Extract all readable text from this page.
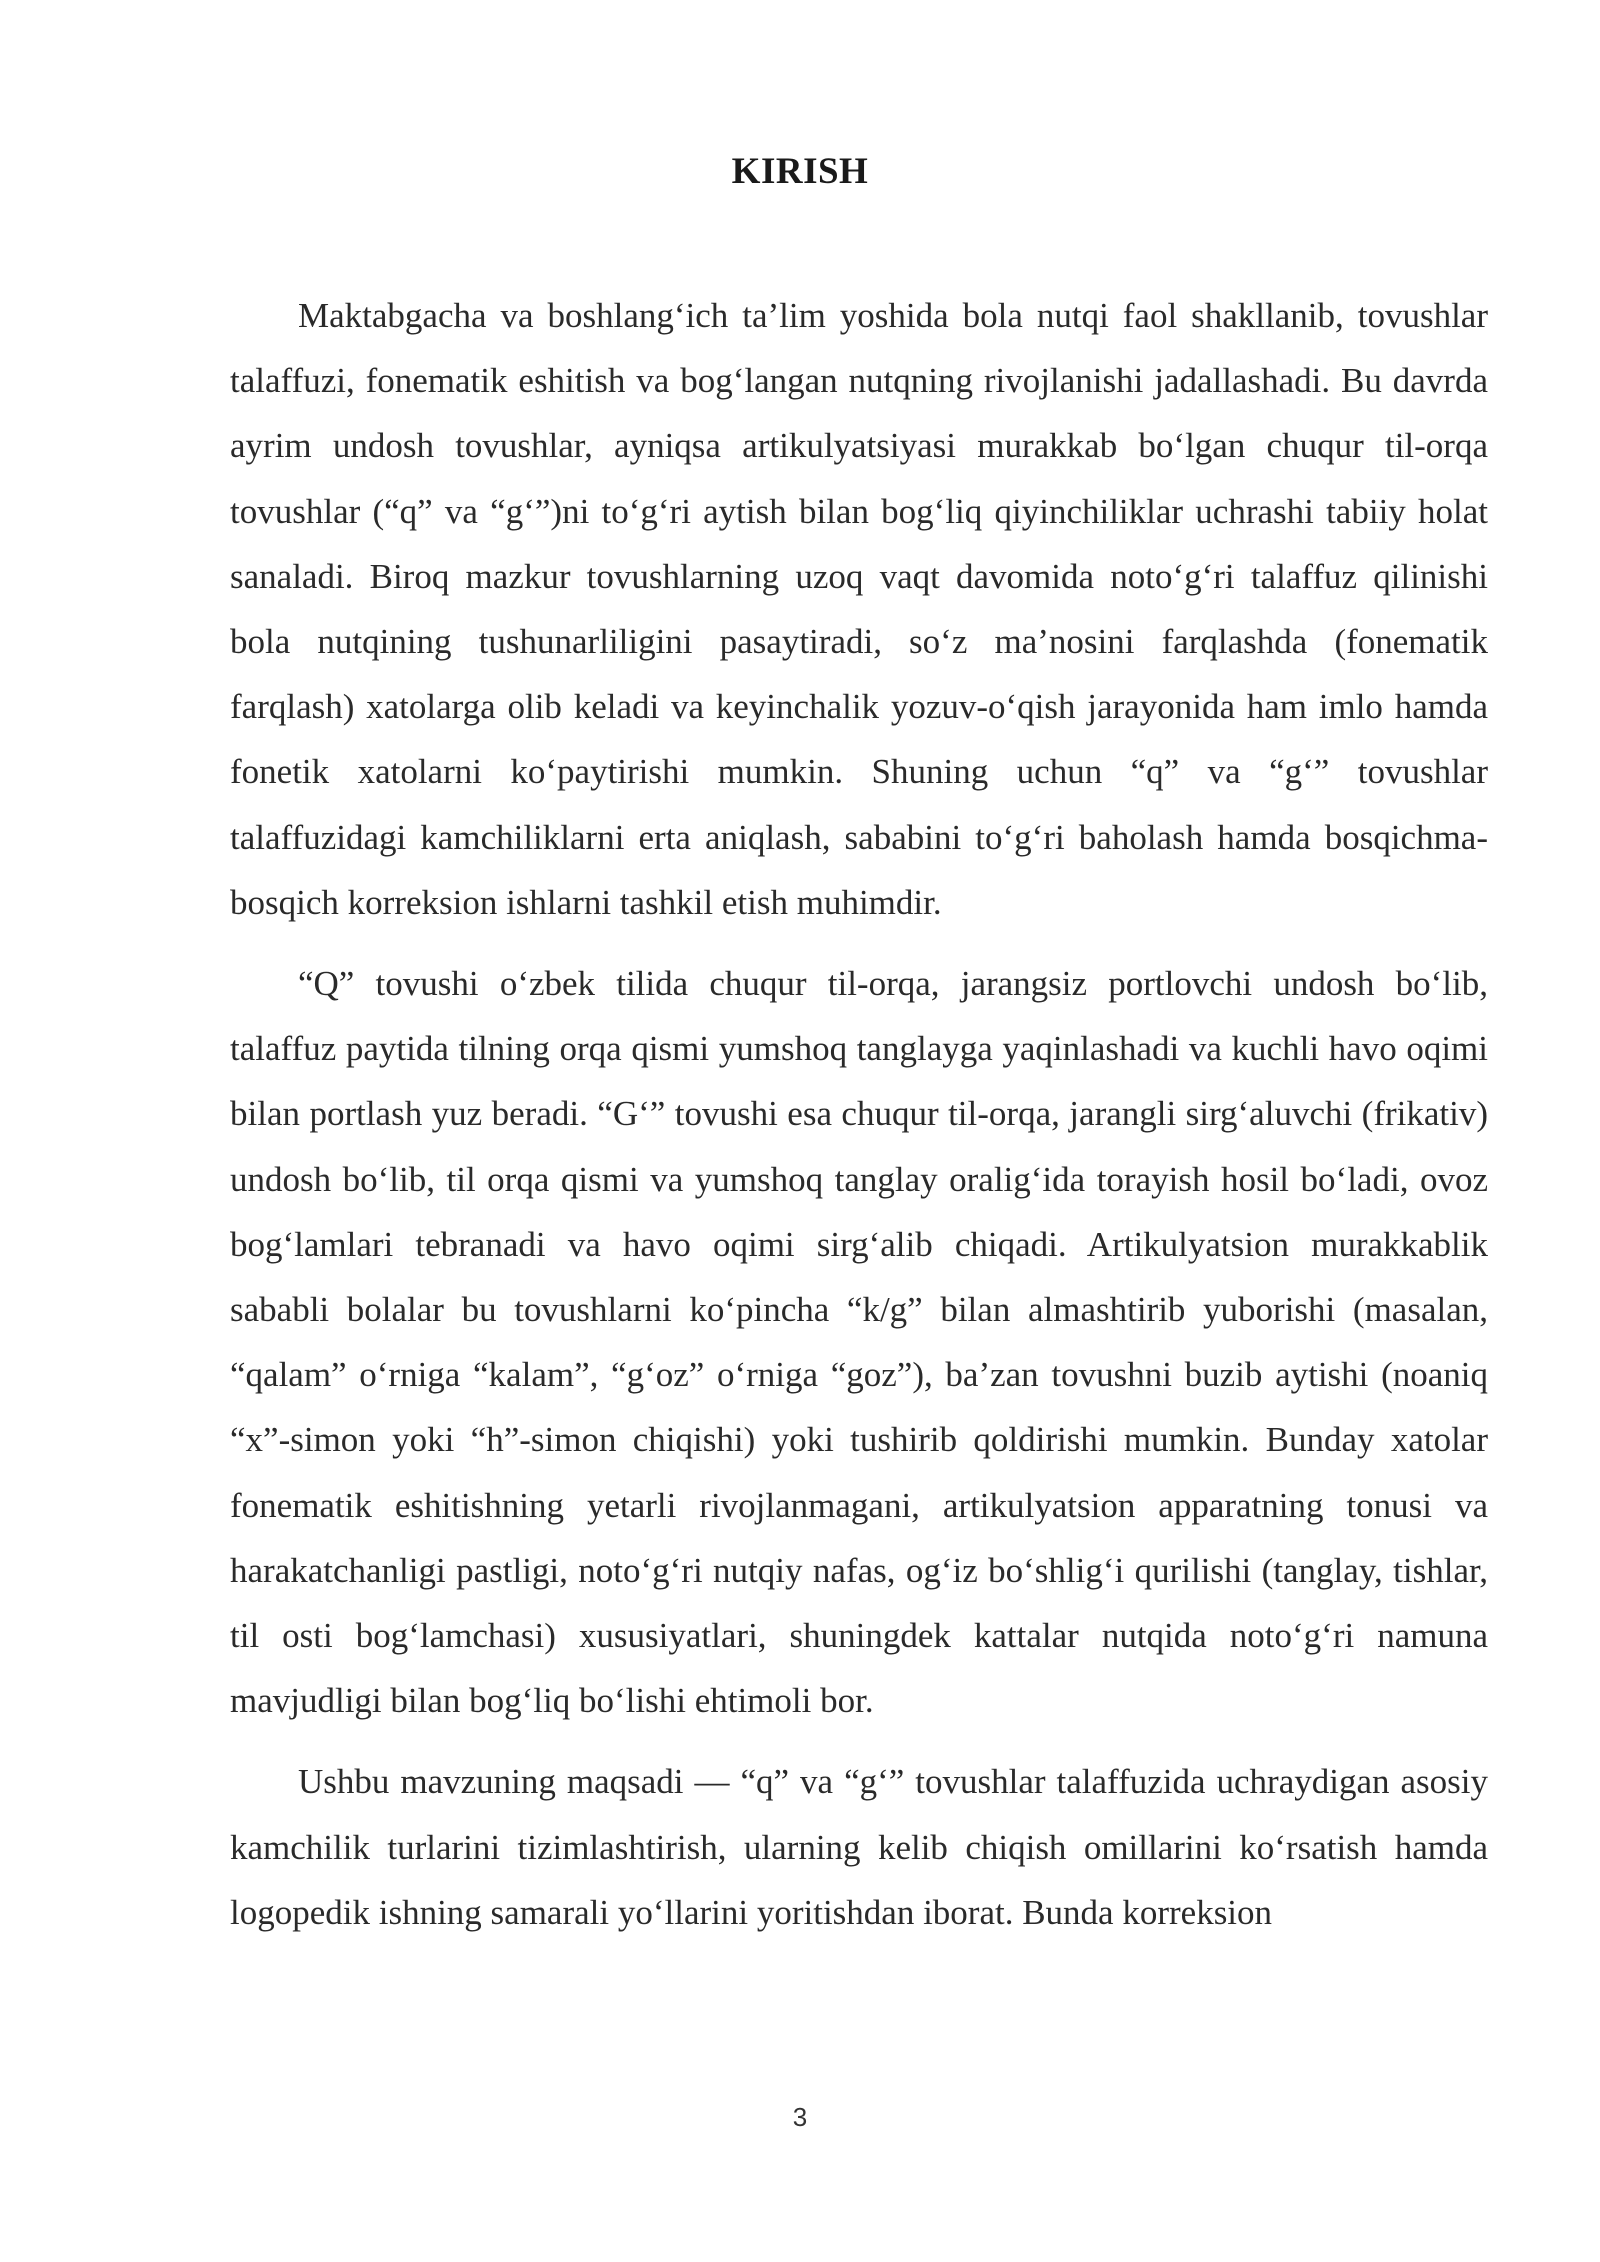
KIRISH

Maktabgacha va boshlang‘ich ta’lim yoshida bola nutqi faol shakllanib, tovushlar talaffuzi, fonematik eshitish va bog‘langan nutqning rivojlanishi jadallashadi. Bu davrda ayrim undosh tovushlar, ayniqsa artikulyatsiyasi murakkab bo‘lgan chuqur til-orqa tovushlar (“q” va “g‘”)ni to‘g‘ri aytish bilan bog‘liq qiyinchiliklar uchrashi tabiiy holat sanaladi. Biroq mazkur tovushlarning uzoq vaqt davomida noto‘g‘ri talaffuz qilinishi bola nutqining tushunarliligini pasaytiradi, so‘z ma’nosini farqlashda (fonematik farqlash) xatolarga olib keladi va keyinchalik yozuv-o‘qish jarayonida ham imlo hamda fonetik xatolarni ko‘paytirishi mumkin. Shuning uchun “q” va “g‘” tovushlar talaffuzidagi kamchiliklarni erta aniqlash, sababini to‘g‘ri baholash hamda bosqichma-bosqich korreksion ishlarni tashkil etish muhimdir.

“Q” tovushi o‘zbek tilida chuqur til-orqa, jarangsiz portlovchi undosh bo‘lib, talaffuz paytida tilning orqa qismi yumshoq tanglayga yaqinlashadi va kuchli havo oqimi bilan portlash yuz beradi. “G‘” tovushi esa chuqur til-orqa, jarangli sirg‘aluvchi (frikativ) undosh bo‘lib, til orqa qismi va yumshoq tanglay oralig‘ida torayish hosil bo‘ladi, ovoz bog‘lamlari tebranadi va havo oqimi sirg‘alib chiqadi. Artikulyatsion murakkablik sababli bolalar bu tovushlarni ko‘pincha “k/g” bilan almashtirib yuborishi (masalan, “qalam” o‘rniga “kalam”, “g‘oz” o‘rniga “goz”), ba’zan tovushni buzib aytishi (noaniq “x”-simon yoki “h”-simon chiqishi) yoki tushirib qoldirishi mumkin. Bunday xatolar fonematik eshitishning yetarli rivojlanmagani, artikulyatsion apparatning tonusi va harakatchanligi pastligi, noto‘g‘ri nutqiy nafas, og‘iz bo‘shlig‘i qurilishi (tanglay, tishlar, til osti bog‘lamchasi) xususiyatlari, shuningdek kattalar nutqida noto‘g‘ri namuna mavjudligi bilan bog‘liq bo‘lishi ehtimoli bor.

Ushbu mavzuning maqsadi — “q” va “g‘” tovushlar talaffuzida uchraydigan asosiy kamchilik turlarini tizimlashtirish, ularning kelib chiqish omillarini ko‘rsatish hamda logopedik ishning samarali yo‘llarini yoritishdan iborat. Bunda korreksion

3
